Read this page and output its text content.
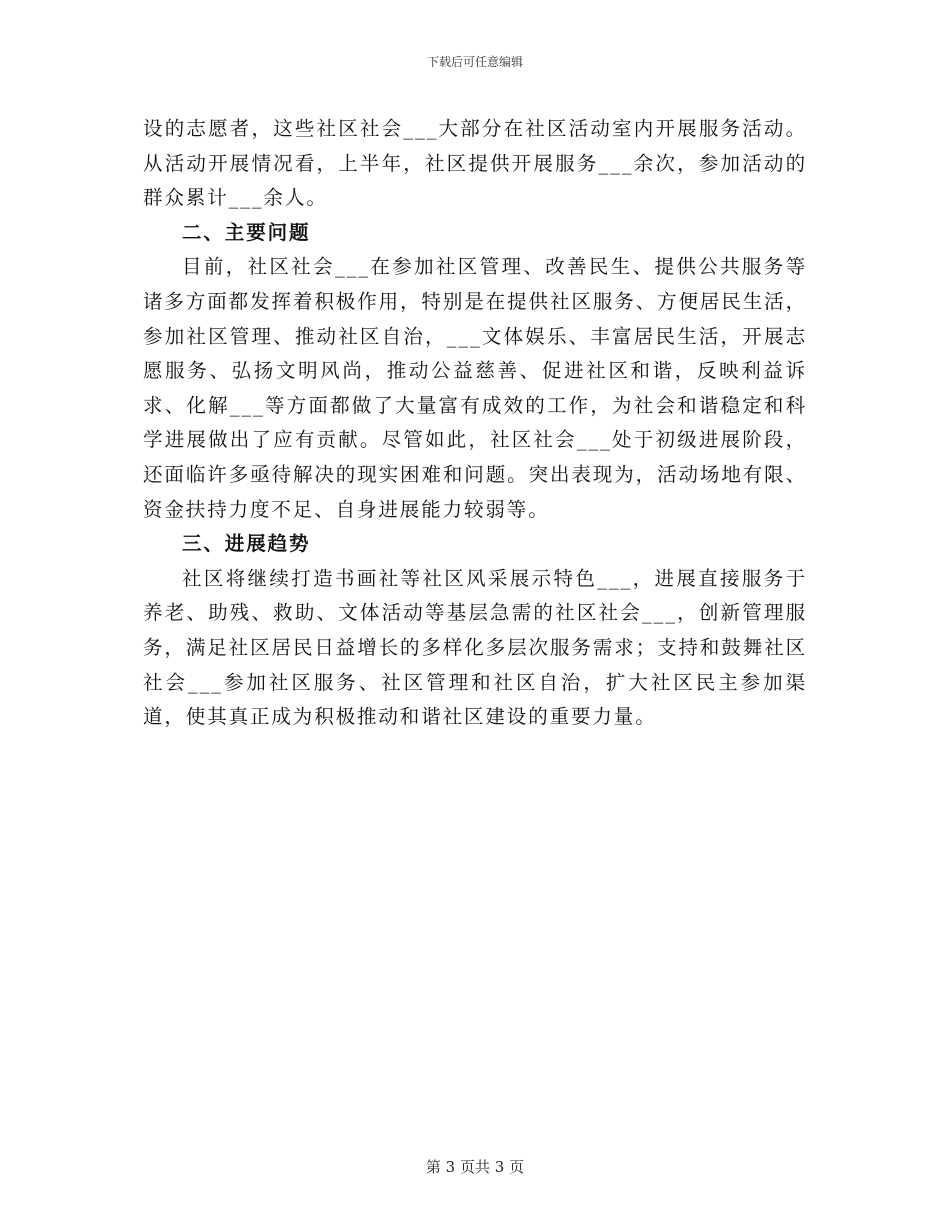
下载后可任意编辑

设的志愿者，这些社区社会___大部分在社区活动室内开展服务活动。从活动开展情况看，上半年，社区提供开展服务___余次，参加活动的群众累计___余人。

二、主要问题

目前，社区社会___在参加社区管理、改善民生、提供公共服务等诸多方面都发挥着积极作用，特别是在提供社区服务、方便居民生活，参加社区管理、推动社区自治，___文体娱乐、丰富居民生活，开展志愿服务、弘扬文明风尚，推动公益慈善、促进社区和谐，反映利益诉求、化解___等方面都做了大量富有成效的工作，为社会和谐稳定和科学进展做出了应有贡献。尽管如此，社区社会___处于初级进展阶段，还面临许多亟待解决的现实困难和问题。突出表现为，活动场地有限、资金扶持力度不足、自身进展能力较弱等。

三、进展趋势

社区将继续打造书画社等社区风采展示特色___，进展直接服务于养老、助残、救助、文体活动等基层急需的社区社会___，创新管理服务，满足社区居民日益增长的多样化多层次服务需求；支持和鼓舞社区社会___参加社区服务、社区管理和社区自治，扩大社区民主参加渠道，使其真正成为积极推动和谐社区建设的重要力量。

第 3 页共 3 页
